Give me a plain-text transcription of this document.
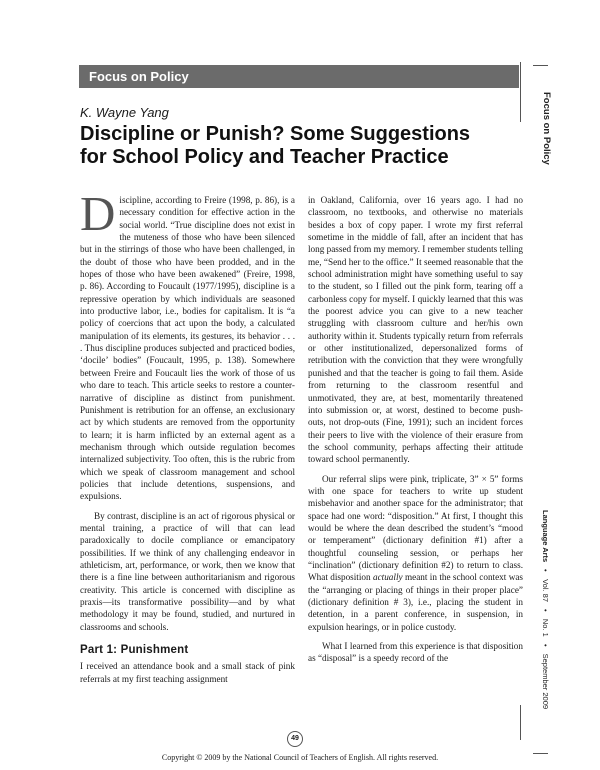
Focus on Policy
Focus on Policy
K. Wayne Yang
Discipline or Punish? Some Suggestions
for School Policy and Teacher Practice

Discipline, according to Freire (1998, p. 86), is a necessary condition for effective action in the social world. “True discipline does not exist in the muteness of those who have been silenced but in the stirrings of those who have been challenged, in the doubt of those who have been prodded, and in the hopes of those who have been awakened” (Freire, 1998, p. 86). According to Foucault (1977/1995), discipline is a repressive operation by which individuals are seasoned into productive labor, i.e., bodies for capitalism. It is “a policy of coercions that act upon the body, a calculated manipulation of its elements, its gestures, its behavior . . . . Thus discipline produces subjected and practiced bodies, ‘docile’ bodies” (Foucault, 1995, p. 138). Somewhere between Freire and Foucault lies the work of those of us who dare to teach. This article seeks to restore a counter-narrative of discipline as distinct from punishment. Punishment is retribution for an offense, an exclusionary act by which students are removed from the opportunity to learn; it is harm inflicted by an external agent as a mechanism through which outside regulation becomes internalized subjectivity. Too often, this is the rubric from which we speak of classroom management and school policies that include detentions, suspensions, and expulsions.

By contrast, discipline is an act of rigorous physical or mental training, a practice of will that can lead paradoxically to docile compliance or emancipatory possibilities. If we think of any challenging endeavor in athleticism, art, performance, or work, then we know that there is a fine line between authoritarianism and rigorous creativity. This article is concerned with discipline as praxis—its transformative possibility—and by what methodology it may be found, studied, and nurtured in classrooms and schools.

Part 1: Punishment

I received an attendance book and a small stack of pink referrals at my first teaching assignment

in Oakland, California, over 16 years ago. I had no classroom, no textbooks, and otherwise no materials besides a box of copy paper. I wrote my first referral sometime in the middle of fall, after an incident that has long passed from my memory. I remember students telling me, “Send her to the office.” It seemed reasonable that the school administration might have something useful to say to the student, so I filled out the pink form, tearing off a carbonless copy for myself. I quickly learned that this was the poorest advice you can give to a new teacher struggling with classroom culture and her/his own authority within it. Students typically return from referrals or other institutionalized, depersonalized forms of retribution with the conviction that they were wrongfully punished and that the teacher is going to fail them. Aside from returning to the classroom resentful and unmotivated, they are, at best, momentarily threatened into submission or, at worst, destined to become push-outs, not drop-outs (Fine, 1991); such an incident forces their peers to live with the violence of their erasure from the school community, perhaps affecting their attitude toward school permanently.

Our referral slips were pink, triplicate, 3” × 5” forms with one space for teachers to write up student misbehavior and another space for the administrator; that space had one word: “disposition.” At first, I thought this would be where the dean described the student’s “mood or temperament” (dictionary definition #1) after a thoughtful counseling session, or perhaps her “inclination” (dictionary definition #2) to return to class. What disposition actually meant in the school context was the “arranging or placing of things in their proper place” (dictionary definition # 3), i.e., placing the student in detention, in a parent conference, in suspension, in expulsion hearings, or in police custody.

What I learned from this experience is that disposition as “disposal” is a speedy record of the

Language Arts • Vol. 87 • No. 1 • September 2009
49
Copyright © 2009 by the National Council of Teachers of English. All rights reserved.
